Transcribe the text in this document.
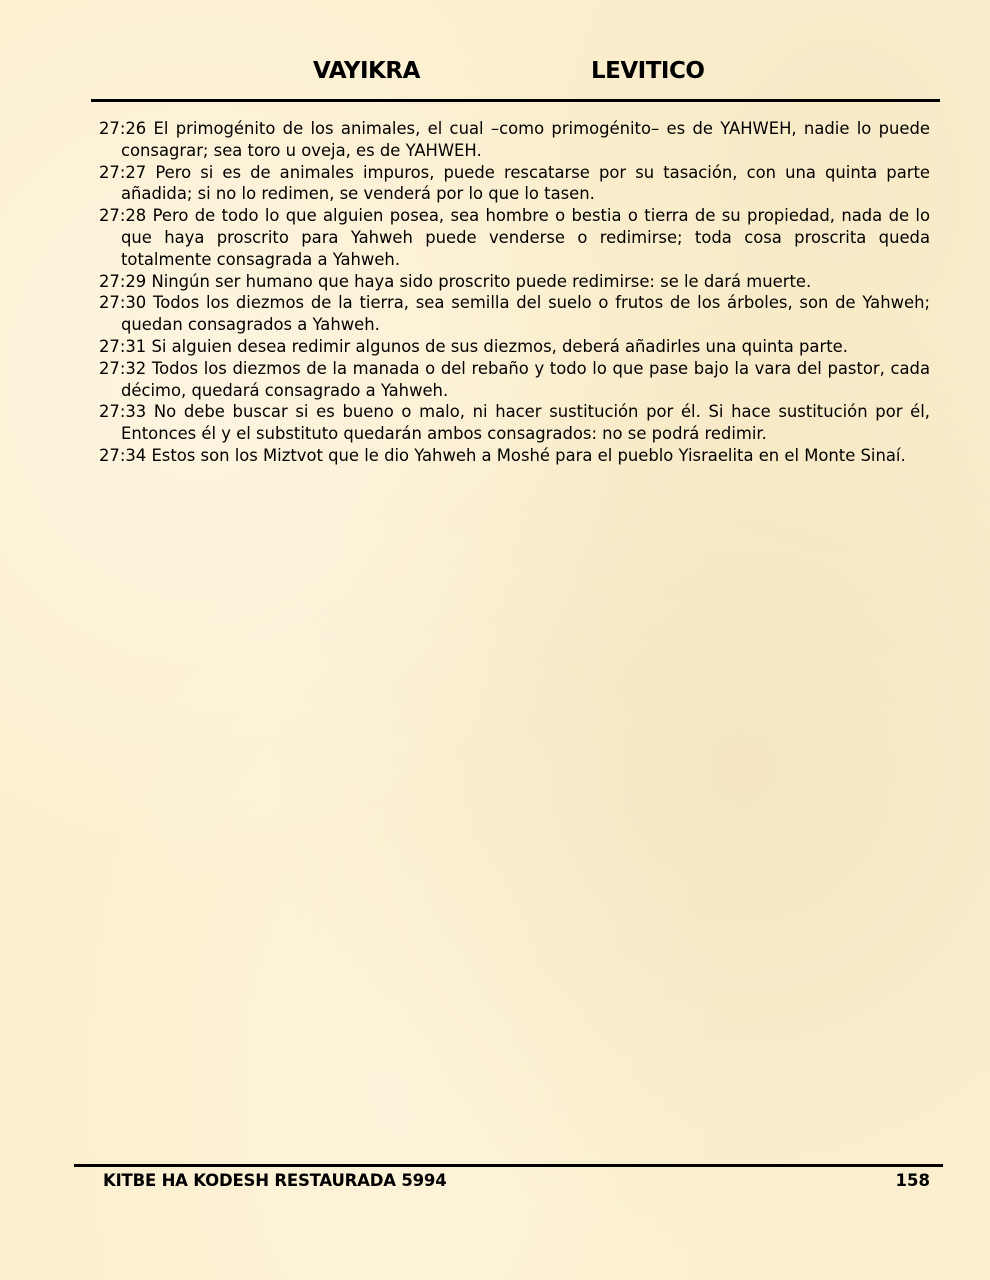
VAYIKRA	LEVITICO

27:26 El primogénito de los animales, el cual –como primogénito– es de YAHWEH, nadie lo puede consagrar; sea toro u oveja, es de YAHWEH.

27:27 Pero si es de animales impuros, puede rescatarse por su tasación, con una quinta parte añadida; si no lo redimen, se venderá por lo que lo tasen.

27:28 Pero de todo lo que alguien posea, sea hombre o bestia o tierra de su propiedad, nada de lo que haya proscrito para Yahweh puede venderse o redimirse; toda cosa proscrita queda totalmente consagrada a Yahweh.

27:29 Ningún ser humano que haya sido proscrito puede redimirse: se le dará muerte.

27:30 Todos los diezmos de la tierra, sea semilla del suelo o frutos de los árboles, son de Yahweh; quedan consagrados a Yahweh.

27:31 Si alguien desea redimir algunos de sus diezmos, deberá añadirles una quinta parte.

27:32 Todos los diezmos de la manada o del rebaño y todo lo que pase bajo la vara del pastor, cada décimo, quedará consagrado a Yahweh.

27:33 No debe buscar si es bueno o malo, ni hacer sustitución por él. Si hace sustitución por él, Entonces él y el substituto quedarán ambos consagrados: no se podrá redimir.

27:34 Estos son los Miztvot que le dio Yahweh a Moshé para el pueblo Yisraelita en el Monte Sinaí.

KITBE HA KODESH RESTAURADA 5994	158
